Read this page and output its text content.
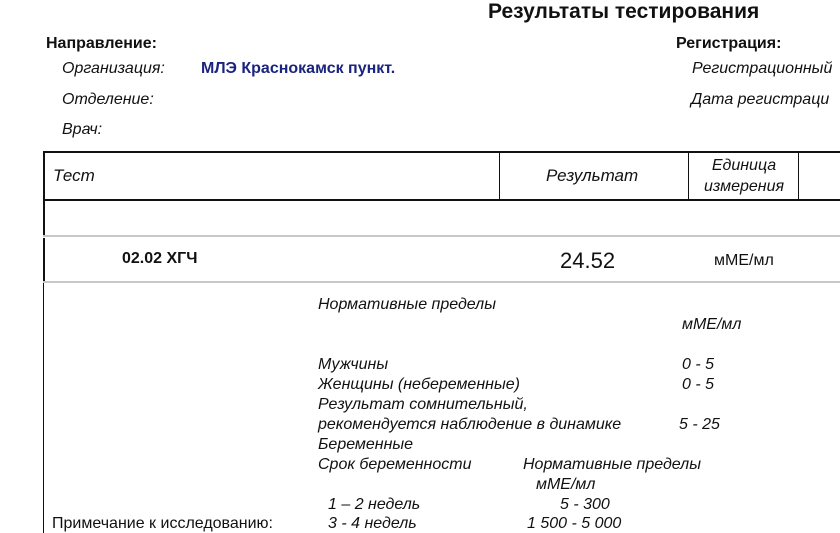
Результаты тестирования
Направление:
Организация: МЛЭ Краснокамск пункт.
Отделение:
Врач:
Регистрация:
Регистрационный
Дата регистраци
Тест	Результат
Единица
измерения
02.02 ХГЧ	24.52	мМЕ/мл
Нормативные пределы
мМЕ/мл
Мужчины	0 - 5
Женщины (небеременные)	0 - 5
Результат сомнительный,
рекомендуется наблюдение в динамике	5 - 25
Беременные
Срок беременности	Нормативные пределы
мМЕ/мл
1 – 2 недель	5 - 300
3 - 4 недель	1 500 - 5 000
Примечание к исследованию:
